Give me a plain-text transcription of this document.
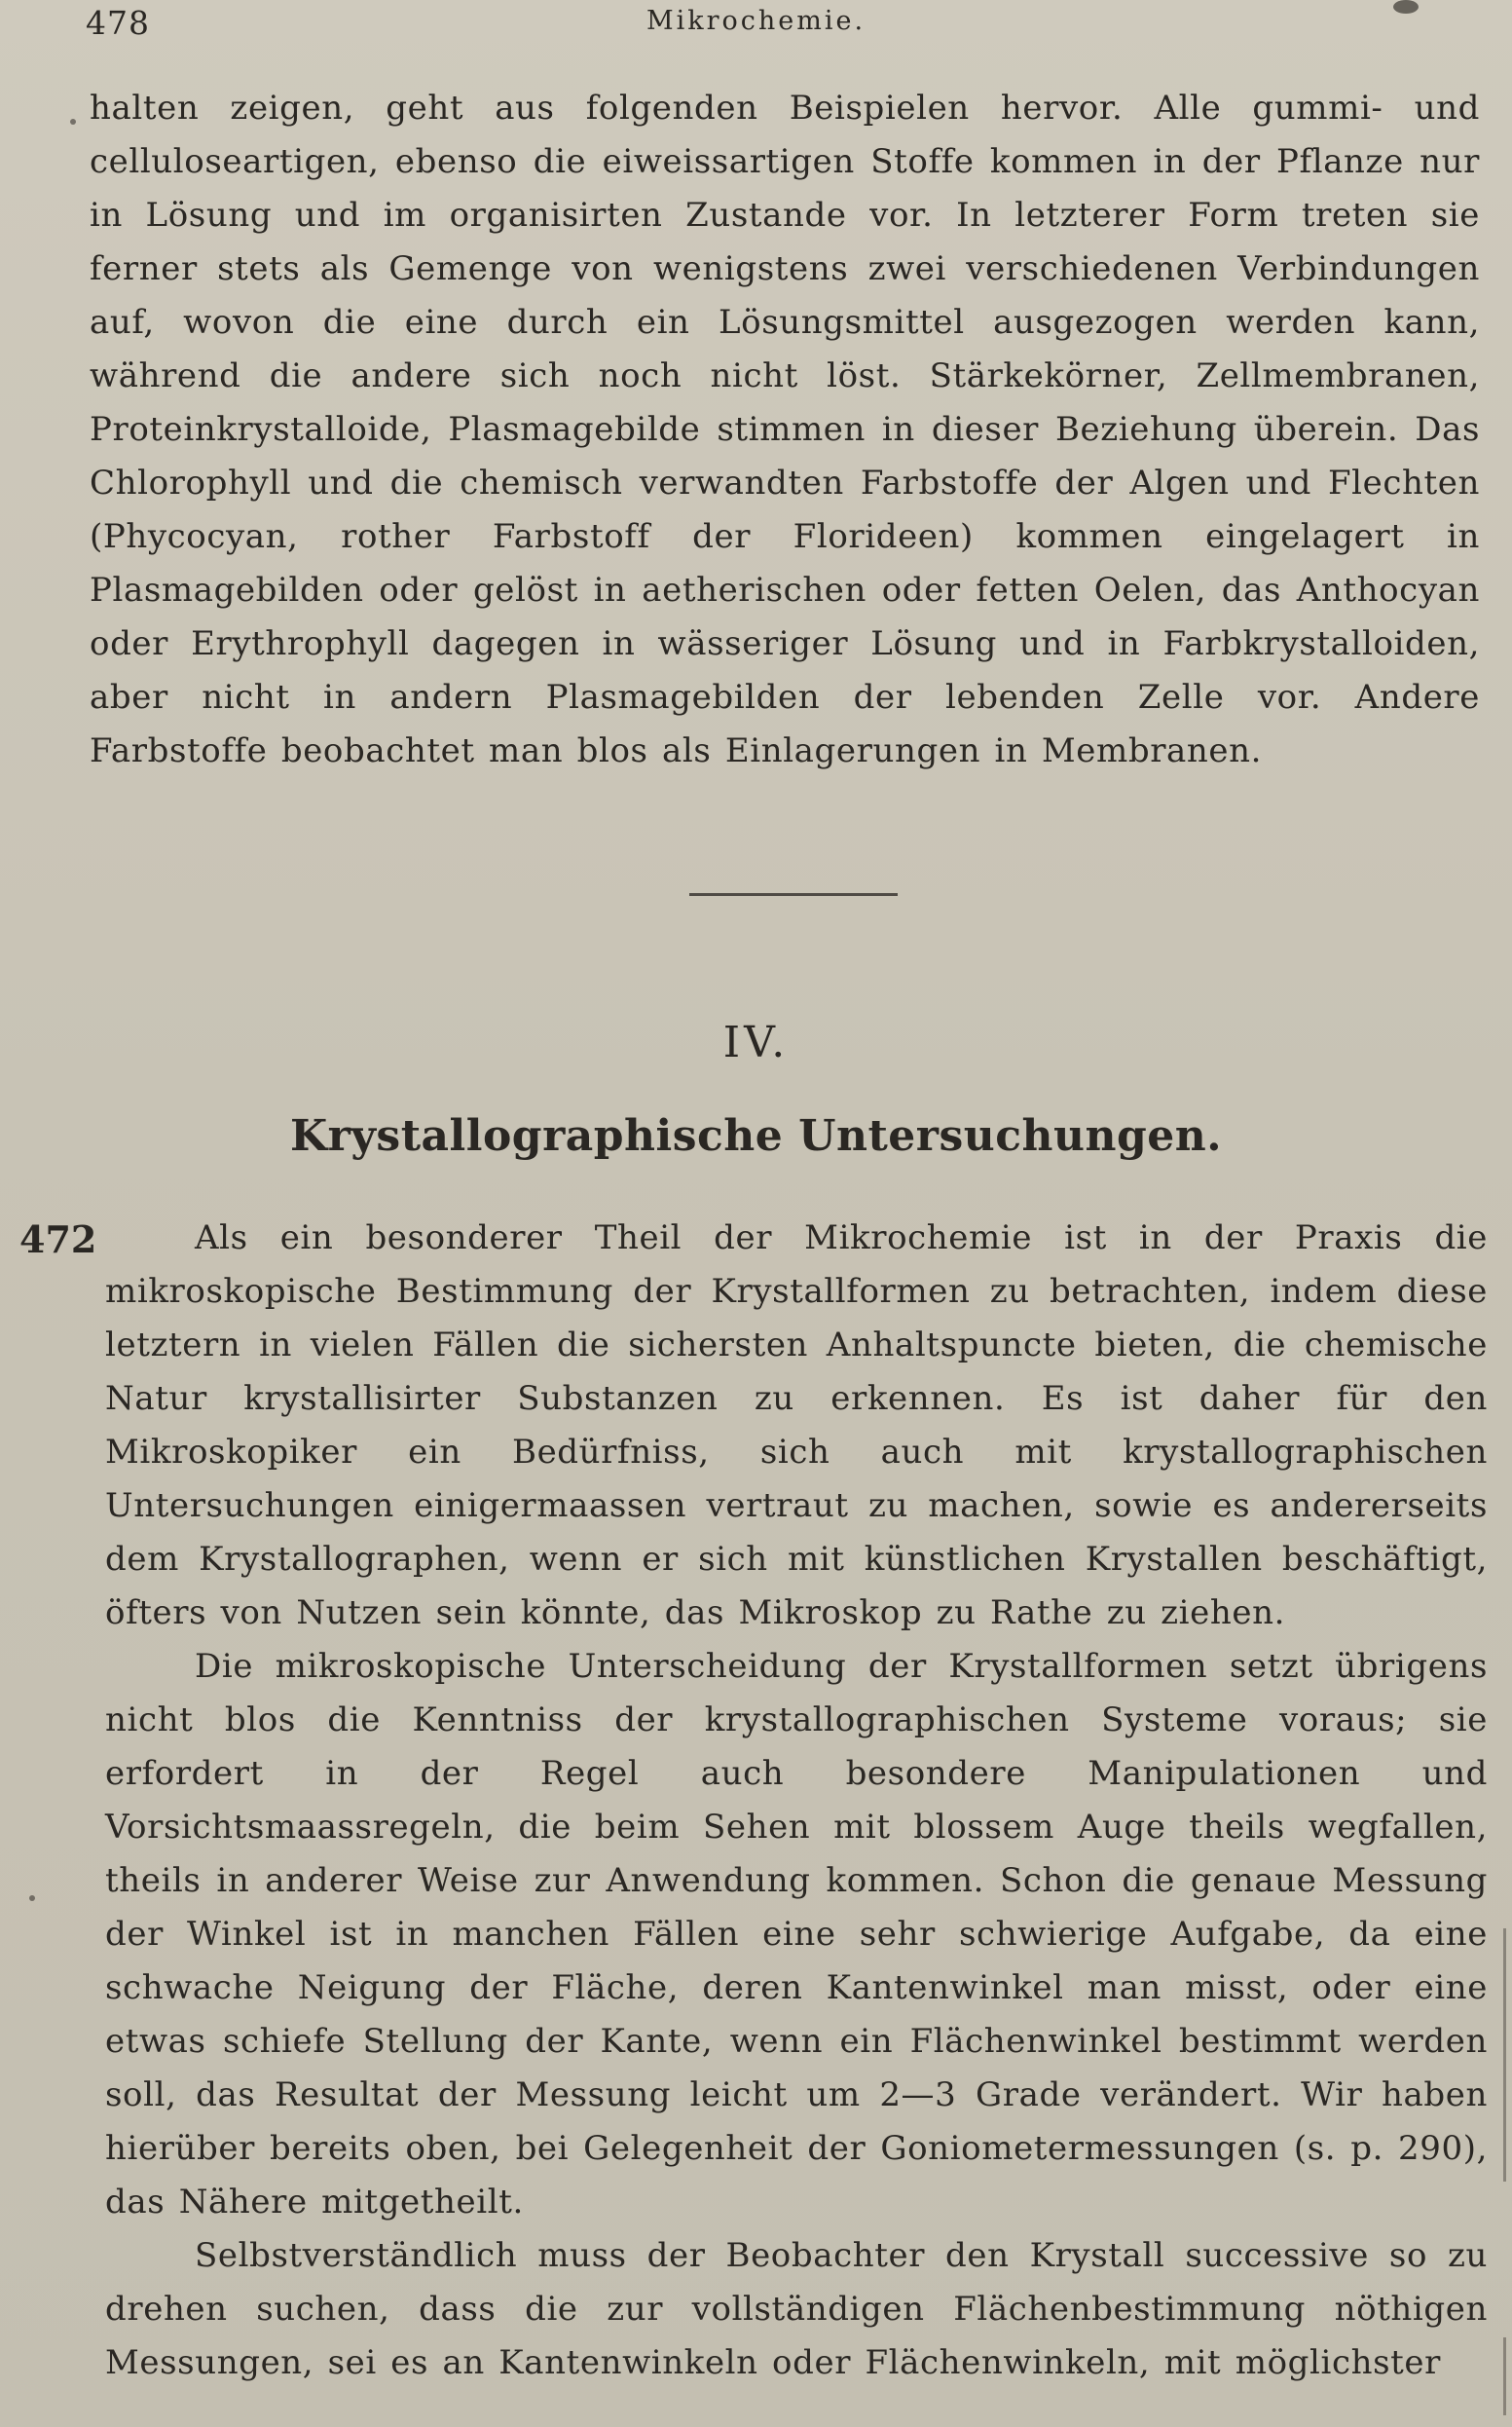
478	Mikrochemie.

halten zeigen, geht aus folgenden Beispielen hervor. Alle gummi- und celluloseartigen, ebenso die eiweissartigen Stoffe kommen in der Pflanze nur in Lösung und im organisirten Zustande vor. In letzterer Form treten sie ferner stets als Gemenge von wenigstens zwei verschiedenen Verbindungen auf, wovon die eine durch ein Lösungsmittel ausgezogen werden kann, während die andere sich noch nicht löst. Stärkekörner, Zellmembranen, Proteinkrystalloide, Plasmagebilde stimmen in dieser Beziehung überein. Das Chlorophyll und die chemisch verwandten Farbstoffe der Algen und Flechten (Phycocyan, rother Farbstoff der Florideen) kommen eingelagert in Plasmagebilden oder gelöst in aetherischen oder fetten Oelen, das Anthocyan oder Erythrophyll dagegen in wässeriger Lösung und in Farbkrystalloiden, aber nicht in andern Plasmagebilden der lebenden Zelle vor. Andere Farbstoffe beobachtet man blos als Einlagerungen in Membranen.

IV.
Krystallographische Untersuchungen.
472	Als ein besonderer Theil der Mikrochemie ist in der Praxis die mikroskopische Bestimmung der Krystallformen zu betrachten, indem diese letztern in vielen Fällen die sichersten Anhaltspuncte bieten, die chemische Natur krystallisirter Substanzen zu erkennen. Es ist daher für den Mikroskopiker ein Bedürfniss, sich auch mit krystallographischen Untersuchungen einigermaassen vertraut zu machen, sowie es andererseits dem Krystallographen, wenn er sich mit künstlichen Krystallen beschäftigt, öfters von Nutzen sein könnte, das Mikroskop zu Rathe zu ziehen.

Die mikroskopische Unterscheidung der Krystallformen setzt übrigens nicht blos die Kenntniss der krystallographischen Systeme voraus; sie erfordert in der Regel auch besondere Manipulationen und Vorsichtsmaassregeln, die beim Sehen mit blossem Auge theils wegfallen, theils in anderer Weise zur Anwendung kommen. Schon die genaue Messung der Winkel ist in manchen Fällen eine sehr schwierige Aufgabe, da eine schwache Neigung der Fläche, deren Kantenwinkel man misst, oder eine etwas schiefe Stellung der Kante, wenn ein Flächenwinkel bestimmt werden soll, das Resultat der Messung leicht um 2—3 Grade verändert. Wir haben hierüber bereits oben, bei Gelegenheit der Goniometermessungen (s. p. 290), das Nähere mitgetheilt.

Selbstverständlich muss der Beobachter den Krystall successive so zu drehen suchen, dass die zur vollständigen Flächenbestimmung nöthigen Messungen, sei es an Kantenwinkeln oder Flächenwinkeln, mit möglichster
